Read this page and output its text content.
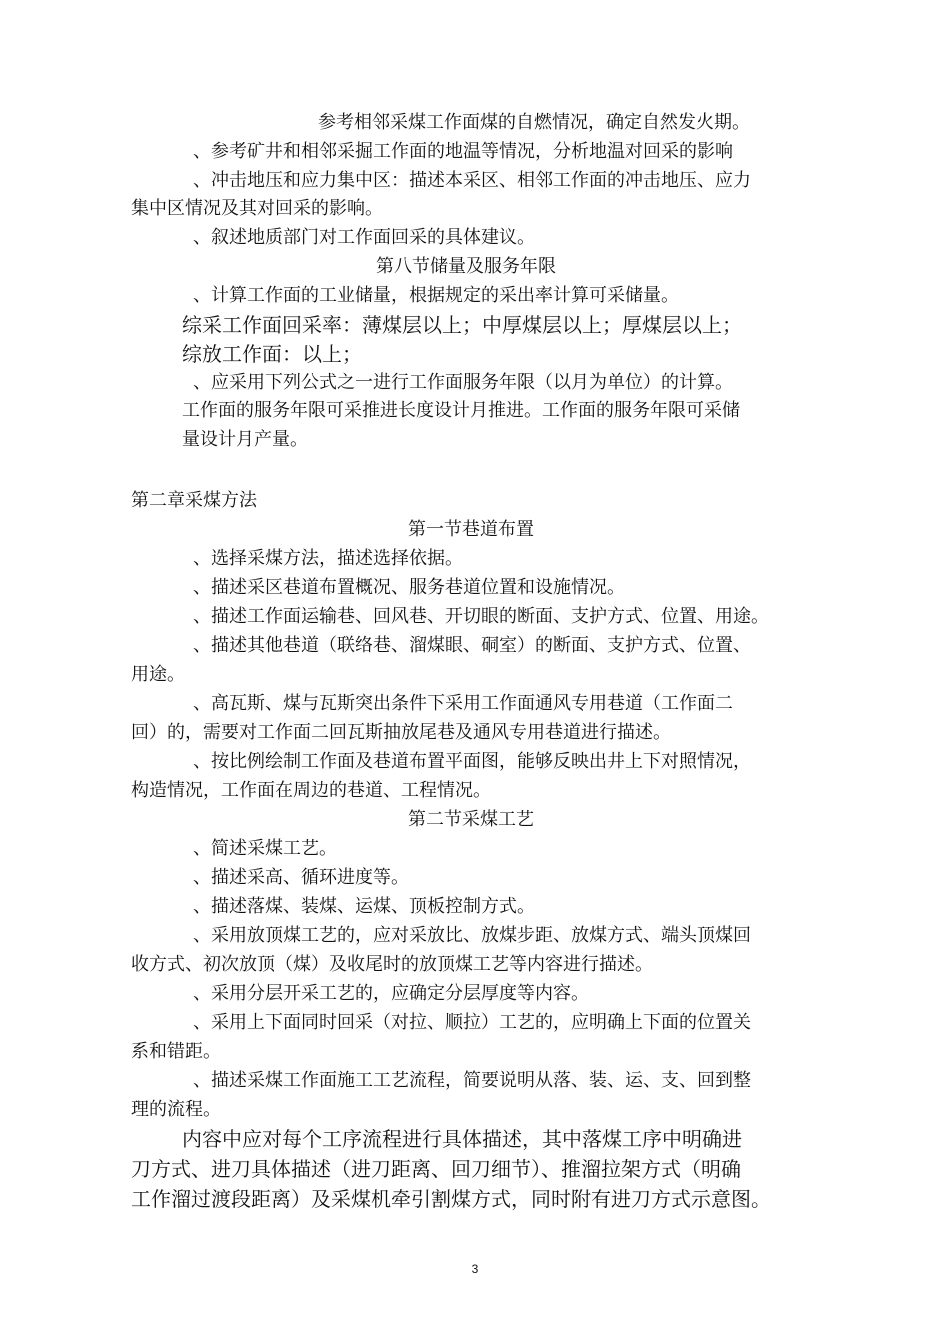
参考相邻采煤工作面煤的自燃情况，确定自然发火期。
、参考矿井和相邻采掘工作面的地温等情况，分析地温对回采的影响
、冲击地压和应力集中区：描述本采区、相邻工作面的冲击地压、应力
集中区情况及其对回采的影响。
、叙述地质部门对工作面回采的具体建议。
第八节储量及服务年限
、计算工作面的工业储量，根据规定的采出率计算可采储量。
综采工作面回采率：薄煤层以上；中厚煤层以上；厚煤层以上；
综放工作面：以上；
、应采用下列公式之一进行工作面服务年限（以月为单位）的计算。
工作面的服务年限可采推进长度设计月推进。工作面的服务年限可采储
量设计月产量。
第二章采煤方法
第一节巷道布置
、选择采煤方法，描述选择依据。
、描述采区巷道布置概况、服务巷道位置和设施情况。
、描述工作面运输巷、回风巷、开切眼的断面、支护方式、位置、用途。
、描述其他巷道（联络巷、溜煤眼、硐室）的断面、支护方式、位置、
用途。
、高瓦斯、煤与瓦斯突出条件下采用工作面通风专用巷道（工作面二
回）的，需要对工作面二回瓦斯抽放尾巷及通风专用巷道进行描述。
、按比例绘制工作面及巷道布置平面图，能够反映出井上下对照情况，
构造情况，工作面在周边的巷道、工程情况。
第二节采煤工艺
、简述采煤工艺。
、描述采高、循环进度等。
、描述落煤、装煤、运煤、顶板控制方式。
、采用放顶煤工艺的，应对采放比、放煤步距、放煤方式、端头顶煤回
收方式、初次放顶（煤）及收尾时的放顶煤工艺等内容进行描述。
、采用分层开采工艺的，应确定分层厚度等内容。
、采用上下面同时回采（对拉、顺拉）工艺的，应明确上下面的位置关
系和错距。
、描述采煤工作面施工工艺流程，简要说明从落、装、运、支、回到整
理的流程。
内容中应对每个工序流程进行具体描述，其中落煤工序中明确进
刀方式、进刀具体描述（进刀距离、回刀细节）、推溜拉架方式（明确
工作溜过渡段距离）及采煤机牵引割煤方式，同时附有进刀方式示意图。
3
